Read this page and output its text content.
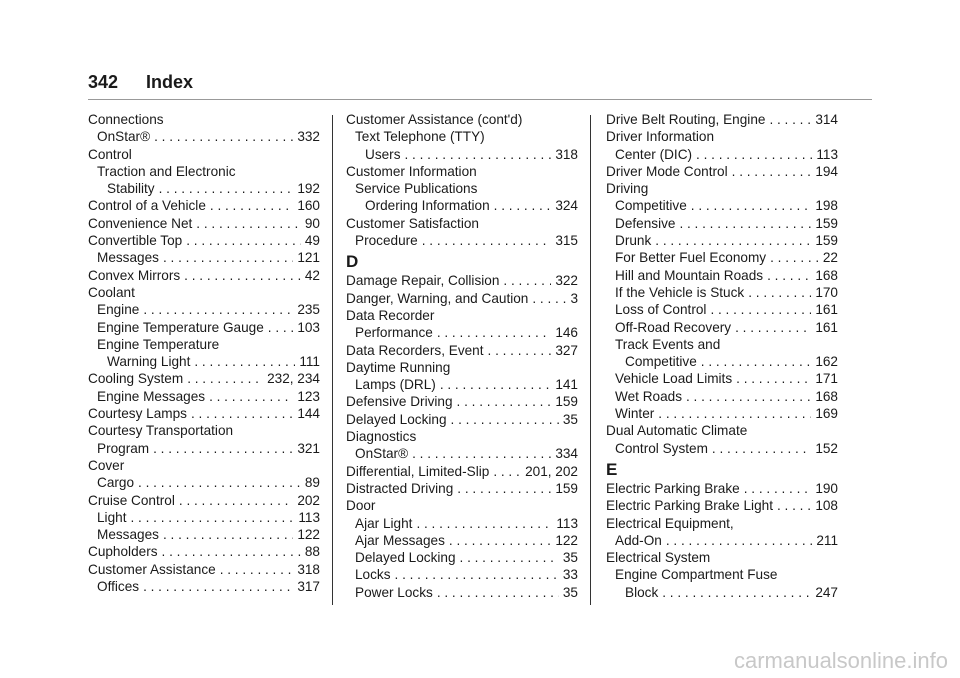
342 Index
Connections
OnStar® . . .	332
Control
Traction and Electronic
Stability . . .	192
Control of a Vehicle . . .	160
Convenience Net . . .	90
Convertible Top . . .	49
Messages . . .	121
Convex Mirrors . . .	42
Coolant
Engine . . .	235
Engine Temperature Gauge . . . 103
Engine Temperature
Warning Light . . .	111
Cooling System . . .	232, 234
Engine Messages . . .	123
Courtesy Lamps . . .	144
Courtesy Transportation
Program . . .	321
Cover
Cargo . . .	89
Cruise Control . . .	202
Light . . .	113
Messages . . .	122
Cupholders . . .	88
Customer Assistance . . .	318
Offices . . .	317
Customer Assistance (cont'd)
Text Telephone (TTY)
Users . . .	318
Customer Information
Service Publications
Ordering Information . . .	324
Customer Satisfaction
Procedure . . .	315
D
Damage Repair, Collision . . .	322
Danger, Warning, and Caution . . .	3
Data Recorder
Performance . . .	146
Data Recorders, Event . . .	327
Daytime Running
Lamps (DRL) . . .	141
Defensive Driving . . .	159
Delayed Locking . . .	35
Diagnostics
OnStar® . . .	334
Differential, Limited-Slip . . .	201, 202
Distracted Driving . . .	159
Door
Ajar Light . . .	113
Ajar Messages . . .	122
Delayed Locking . . .	35
Locks . . .	33
Power Locks . . .	35
Drive Belt Routing, Engine . . .	314
Driver Information
Center (DIC) . . .	113
Driver Mode Control . . .	194
Driving
Competitive . . .	198
Defensive . . .	159
Drunk . . .	159
For Better Fuel Economy . . .	22
Hill and Mountain Roads . . .	168
If the Vehicle is Stuck . . .	170
Loss of Control . . .	161
Off-Road Recovery . . .	161
Track Events and
Competitive . . .	162
Vehicle Load Limits . . .	171
Wet Roads . . .	168
Winter . . .	169
Dual Automatic Climate
Control System . . .	152
E
Electric Parking Brake . . .	190
Electric Parking Brake Light . . .	108
Electrical Equipment,
Add-On . . .	211
Electrical System
Engine Compartment Fuse
Block . . .	247
carmanualsonline.info
